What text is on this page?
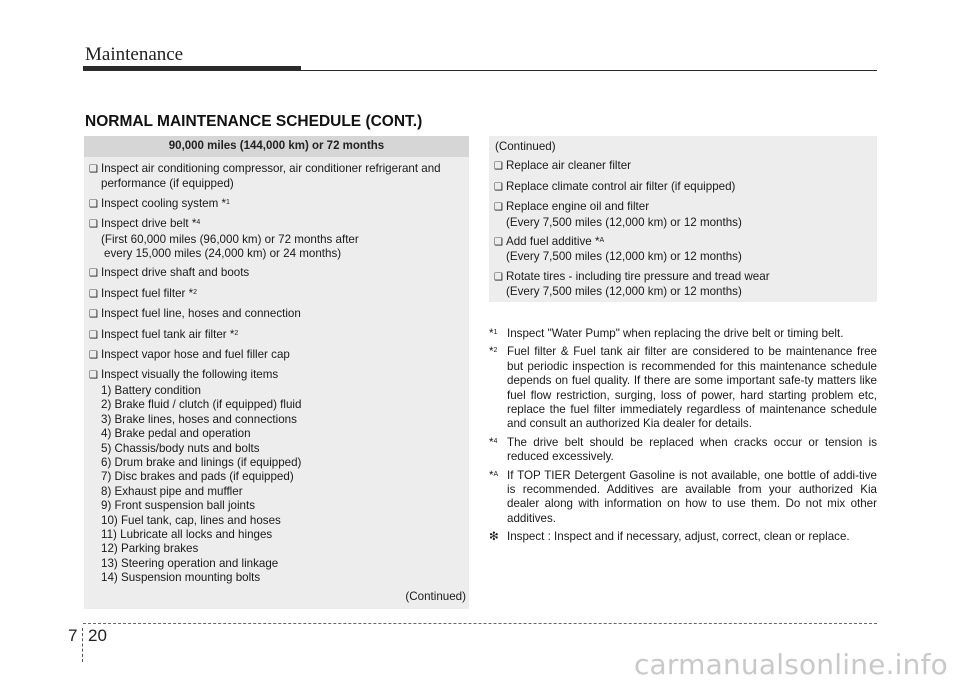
Maintenance
NORMAL MAINTENANCE SCHEDULE (CONT.)
90,000 miles (144,000 km) or 72 months
❑ Inspect air conditioning compressor, air conditioner refrigerant and
performance (if equipped)
❑ Inspect cooling system *$^1$
❑ Inspect drive belt *$^4$
(First 60,000 miles (96,000 km) or 72 months after
every 15,000 miles (24,000 km) or 24 months)
❑ Inspect drive shaft and boots
❑ Inspect fuel filter *$^2$
❑ Inspect fuel line, hoses and connection
❑ Inspect fuel tank air filter *$^2$
❑ Inspect vapor hose and fuel filler cap
❑ Inspect visually the following items
1) Battery condition
2) Brake fluid / clutch (if equipped) fluid
3) Brake lines, hoses and connections
4) Brake pedal and operation
5) Chassis/body nuts and bolts
6) Drum brake and linings (if equipped)
7) Disc brakes and pads (if equipped)
8) Exhaust pipe and muffler
9) Front suspension ball joints
10) Fuel tank, cap, lines and hoses
11) Lubricate all locks and hinges
12) Parking brakes
13) Steering operation and linkage
14) Suspension mounting bolts
(Continued)
(Continued)
❑ Replace air cleaner filter
❑ Replace climate control air filter (if equipped)
❑ Replace engine oil and filter
(Every 7,500 miles (12,000 km) or 12 months)
❑ Add fuel additive *$^A$
(Every 7,500 miles (12,000 km) or 12 months)
❑ Rotate tires - including tire pressure and tread wear
(Every 7,500 miles (12,000 km) or 12 months)
*$^1$ Inspect "Water Pump" when replacing the drive belt or timing belt.
*$^2$ Fuel filter & Fuel tank air filter are considered to be maintenance free but periodic inspection is recommended for this maintenance schedule depends on fuel quality. If there are some important safe-ty matters like fuel flow restriction, surging, loss of power, hard starting problem etc, replace the fuel filter immediately regardless of maintenance schedule and consult an authorized Kia dealer for details.
*$^4$ The drive belt should be replaced when cracks occur or tension is reduced excessively.
*$^A$ If TOP TIER Detergent Gasoline is not available, one bottle of addi-tive is recommended. Additives are available from your authorized Kia dealer along with information on how to use them. Do not mix other additives.
❇ Inspect : Inspect and if necessary, adjust, correct, clean or replace.
7 20
carmanualsonline.info
